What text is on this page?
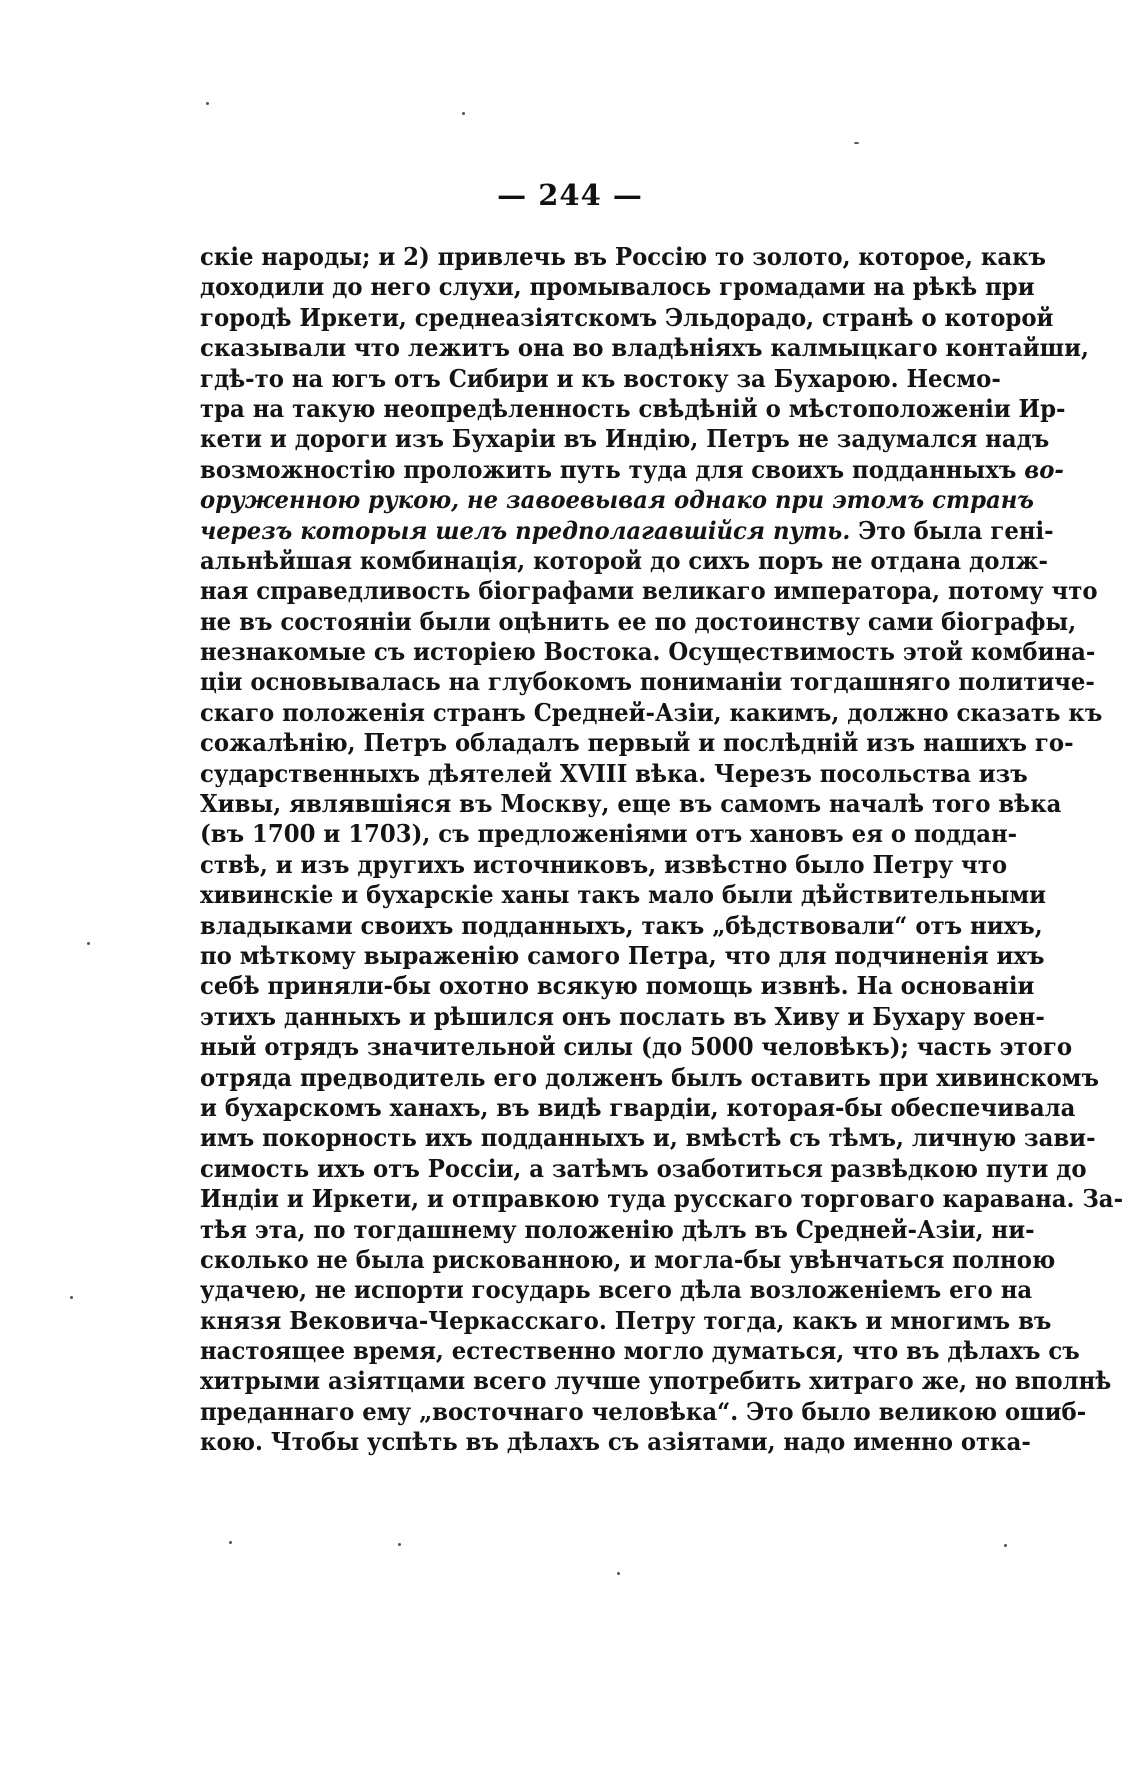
— 244 —
скіе народы; и 2) привлечь въ Россію то золото, которое, какъ
доходили до него слухи, промывалось громадами на рѣкѣ при
городѣ Иркети, среднеазіятскомъ Эльдорадо, странѣ о которой
сказывали что лежитъ она во владѣніяхъ калмыцкаго контайши,
гдѣ-то на югъ отъ Сибири и къ востоку за Бухарою. Несмо-
тра на такую неопредѣленность свѣдѣній о мѣстоположеніи Ир-
кети и дороги изъ Бухаріи въ Индію, Петръ не задумался надъ
возможностію проложить путь туда для своихъ подданныхъ во-
оруженною рукою, не завоевывая однако при этомъ странъ
черезъ которыя шелъ предполагавшійся путь. Это была гені-
альнѣйшая комбинація, которой до сихъ поръ не отдана долж-
ная справедливость біографами великаго императора, потому что
не въ состояніи были оцѣнить ее по достоинству сами біографы,
незнакомые съ исторіею Востока. Осуществимость этой комбина-
ціи основывалась на глубокомъ пониманіи тогдашняго политиче-
скаго положенія странъ Средней-Азіи, какимъ, должно сказать къ
сожалѣнію, Петръ обладалъ первый и послѣдній изъ нашихъ го-
сударственныхъ дѣятелей XVIII вѣка. Черезъ посольства изъ
Хивы, являвшіяся въ Москву, еще въ самомъ началѣ того вѣка
(въ 1700 и 1703), съ предложеніями отъ хановъ ея о поддан-
ствѣ, и изъ другихъ источниковъ, извѣстно было Петру что
хивинскіе и бухарскіе ханы такъ мало были дѣйствительными
владыками своихъ подданныхъ, такъ „бѣдствовали“ отъ нихъ,
по мѣткому выраженію самого Петра, что для подчиненія ихъ
себѣ приняли-бы охотно всякую помощь извнѣ. На основаніи
этихъ данныхъ и рѣшился онъ послать въ Хиву и Бухару воен-
ный отрядъ значительной силы (до 5000 человѣкъ); часть этого
отряда предводитель его долженъ былъ оставить при хивинскомъ
и бухарскомъ ханахъ, въ видѣ гвардіи, которая-бы обеспечивала
имъ покорность ихъ подданныхъ и, вмѣстѣ съ тѣмъ, личную зави-
симость ихъ отъ Россіи, а затѣмъ озаботиться развѣдкою пути до
Индіи и Иркети, и отправкою туда русскаго торговаго каравана. За-
тѣя эта, по тогдашнему положенію дѣлъ въ Средней-Азіи, ни-
сколько не была рискованною, и могла-бы увѣнчаться полною
удачею, не испорти государь всего дѣла возложеніемъ его на
князя Вековича-Черкасскаго. Петру тогда, какъ и многимъ въ
настоящее время, естественно могло думаться, что въ дѣлахъ съ
хитрыми азіятцами всего лучше употребить хитраго же, но вполнѣ
преданнаго ему „восточнаго человѣка“. Это было великою ошиб-
кою. Чтобы успѣть въ дѣлахъ съ азіятами, надо именно отка-
